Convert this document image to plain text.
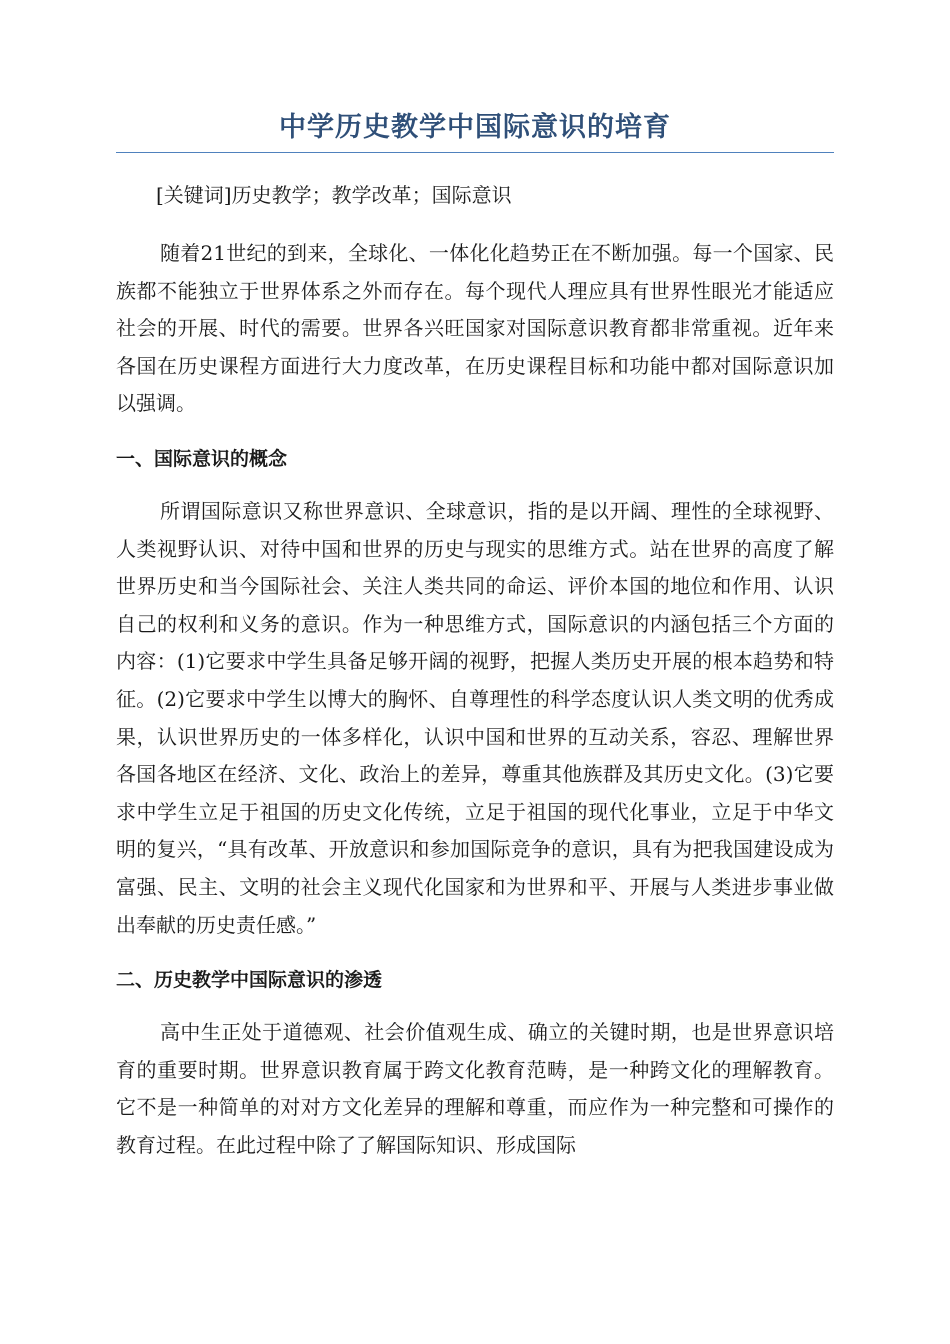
中学历史教学中国际意识的培育

[关键词]历史教学；教学改革；国际意识

随着21世纪的到来，全球化、一体化化趋势正在不断加强。每一个国家、民族都不能独立于世界体系之外而存在。每个现代人理应具有世界性眼光才能适应社会的开展、时代的需要。世界各兴旺国家对国际意识教育都非常重视。近年来各国在历史课程方面进行大力度改革，在历史课程目标和功能中都对国际意识加以强调。

一、国际意识的概念

所谓国际意识又称世界意识、全球意识，指的是以开阔、理性的全球视野、人类视野认识、对待中国和世界的历史与现实的思维方式。站在世界的高度了解世界历史和当今国际社会、关注人类共同的命运、评价本国的地位和作用、认识自己的权利和义务的意识。作为一种思维方式，国际意识的内涵包括三个方面的内容：(1)它要求中学生具备足够开阔的视野，把握人类历史开展的根本趋势和特征。(2)它要求中学生以博大的胸怀、自尊理性的科学态度认识人类文明的优秀成果，认识世界历史的一体多样化，认识中国和世界的互动关系，容忍、理解世界各国各地区在经济、文化、政治上的差异，尊重其他族群及其历史文化。(3)它要求中学生立足于祖国的历史文化传统，立足于祖国的现代化事业，立足于中华文明的复兴，“具有改革、开放意识和参加国际竞争的意识，具有为把我国建设成为富强、民主、文明的社会主义现代化国家和为世界和平、开展与人类进步事业做出奉献的历史责任感。”

二、历史教学中国际意识的渗透

高中生正处于道德观、社会价值观生成、确立的关键时期，也是世界意识培育的重要时期。世界意识教育属于跨文化教育范畴，是一种跨文化的理解教育。它不是一种简单的对对方文化差异的理解和尊重，而应作为一种完整和可操作的教育过程。在此过程中除了了解国际知识、形成国际
